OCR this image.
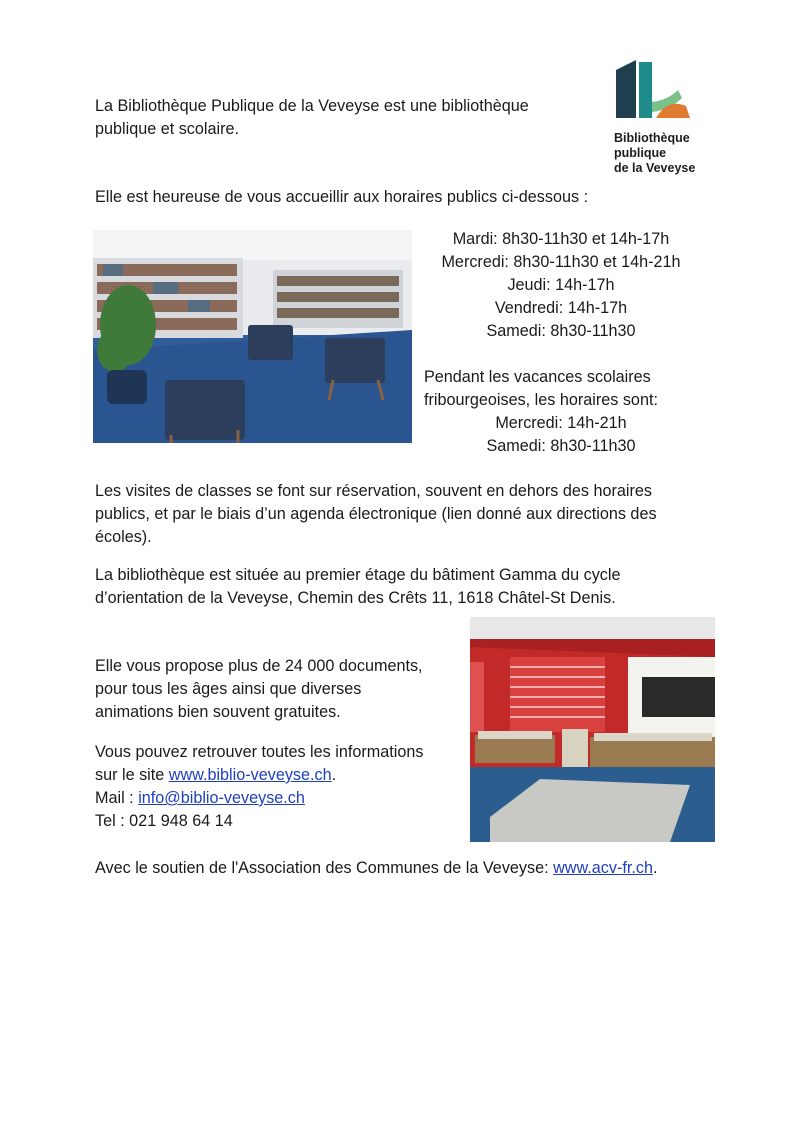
La Bibliothèque Publique de la Veveyse est une bibliothèque
publique et scolaire.	Bibliothèque
publique
de la Veveyse
Elle est heureuse de vous accueillir aux horaires publics ci-dessous :
Mardi: 8h30-11h30 et 14h-17h
Mercredi: 8h30-11h30 et 14h-21h
Jeudi: 14h-17h
Vendredi: 14h-17h
Samedi: 8h30-11h30
Pendant les vacances scolaires
fribourgeoises, les horaires sont:
Mercredi: 14h-21h
Samedi: 8h30-11h30
Les visites de classes se font sur réservation, souvent en dehors des horaires
publics, et par le biais d’un agenda électronique (lien donné aux directions des
écoles).
La bibliothèque est située au premier étage du bâtiment Gamma du cycle
d’orientation de la Veveyse, Chemin des Crêts 11, 1618 Châtel-St Denis.
Elle vous propose plus de 24 000 documents,
pour tous les âges ainsi que diverses
animations bien souvent gratuites.
Vous pouvez retrouver toutes les informations
sur le site www.biblio-veveyse.ch.
Mail : info@biblio-veveyse.ch
Tel : 021 948 64 14
Avec le soutien de l'Association des Communes de la Veveyse: www.acv-fr.ch.
